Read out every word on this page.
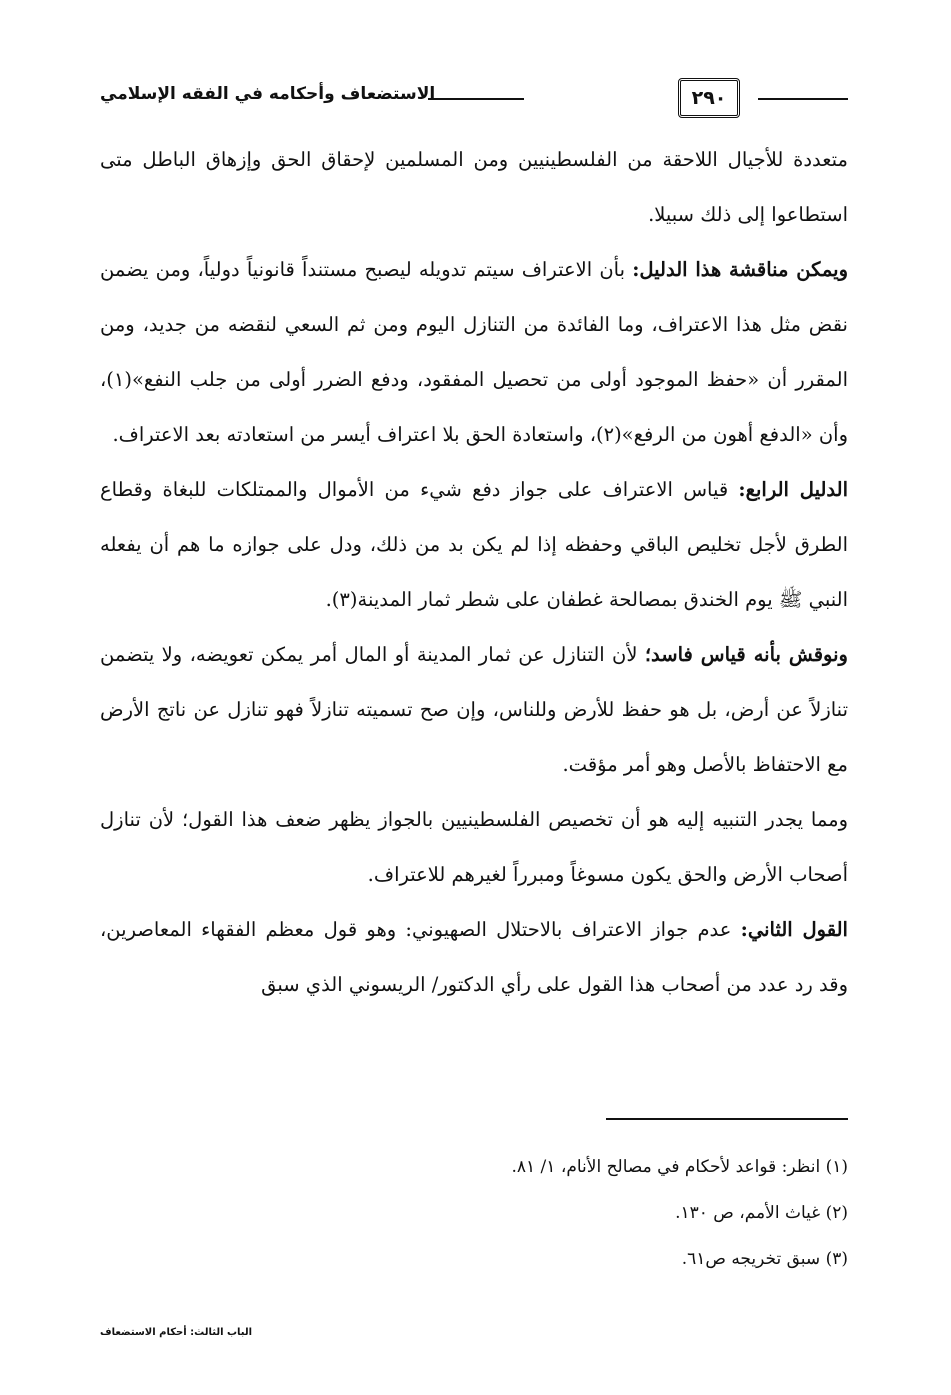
٢٩٠
الاستضعاف وأحكامه في الفقه الإسلامي

متعددة للأجيال اللاحقة من الفلسطينيين ومن المسلمين لإحقاق الحق وإزهاق الباطل متى استطاعوا إلى ذلك سبيلا.

ويمكن مناقشة هذا الدليل: بأن الاعتراف سيتم تدويله ليصبح مستنداً قانونياً دولياً، ومن يضمن نقض مثل هذا الاعتراف، وما الفائدة من التنازل اليوم ومن ثم السعي لنقضه من جديد، ومن المقرر أن «حفظ الموجود أولى من تحصيل المفقود، ودفع الضرر أولى من جلب النفع»(١)، وأن «الدفع أهون من الرفع»(٢)، واستعادة الحق بلا اعتراف أيسر من استعادته بعد الاعتراف.

الدليل الرابع: قياس الاعتراف على جواز دفع شيء من الأموال والممتلكات للبغاة وقطاع الطرق لأجل تخليص الباقي وحفظه إذا لم يكن بد من ذلك، ودل على جوازه ما هم أن يفعله النبي ﷺ يوم الخندق بمصالحة غطفان على شطر ثمار المدينة(٣).

ونوقش بأنه قياس فاسد؛ لأن التنازل عن ثمار المدينة أو المال أمر يمكن تعويضه، ولا يتضمن تنازلاً عن أرض، بل هو حفظ للأرض وللناس، وإن صح تسميته تنازلاً فهو تنازل عن ناتج الأرض مع الاحتفاظ بالأصل وهو أمر مؤقت.

ومما يجدر التنبيه إليه هو أن تخصيص الفلسطينيين بالجواز يظهر ضعف هذا القول؛ لأن تنازل أصحاب الأرض والحق يكون مسوغاً ومبرراً لغيرهم للاعتراف.

القول الثاني: عدم جواز الاعتراف بالاحتلال الصهيوني: وهو قول معظم الفقهاء المعاصرين، وقد رد عدد من أصحاب هذا القول على رأي الدكتور/ الريسوني الذي سبق

(١) انظر: قواعد لأحكام في مصالح الأنام، ١/ ٨١.

(٢) غياث الأمم، ص ١٣٠.

(٣) سبق تخريجه ص٦١.

الباب الثالث: أحكام الاستضعاف
